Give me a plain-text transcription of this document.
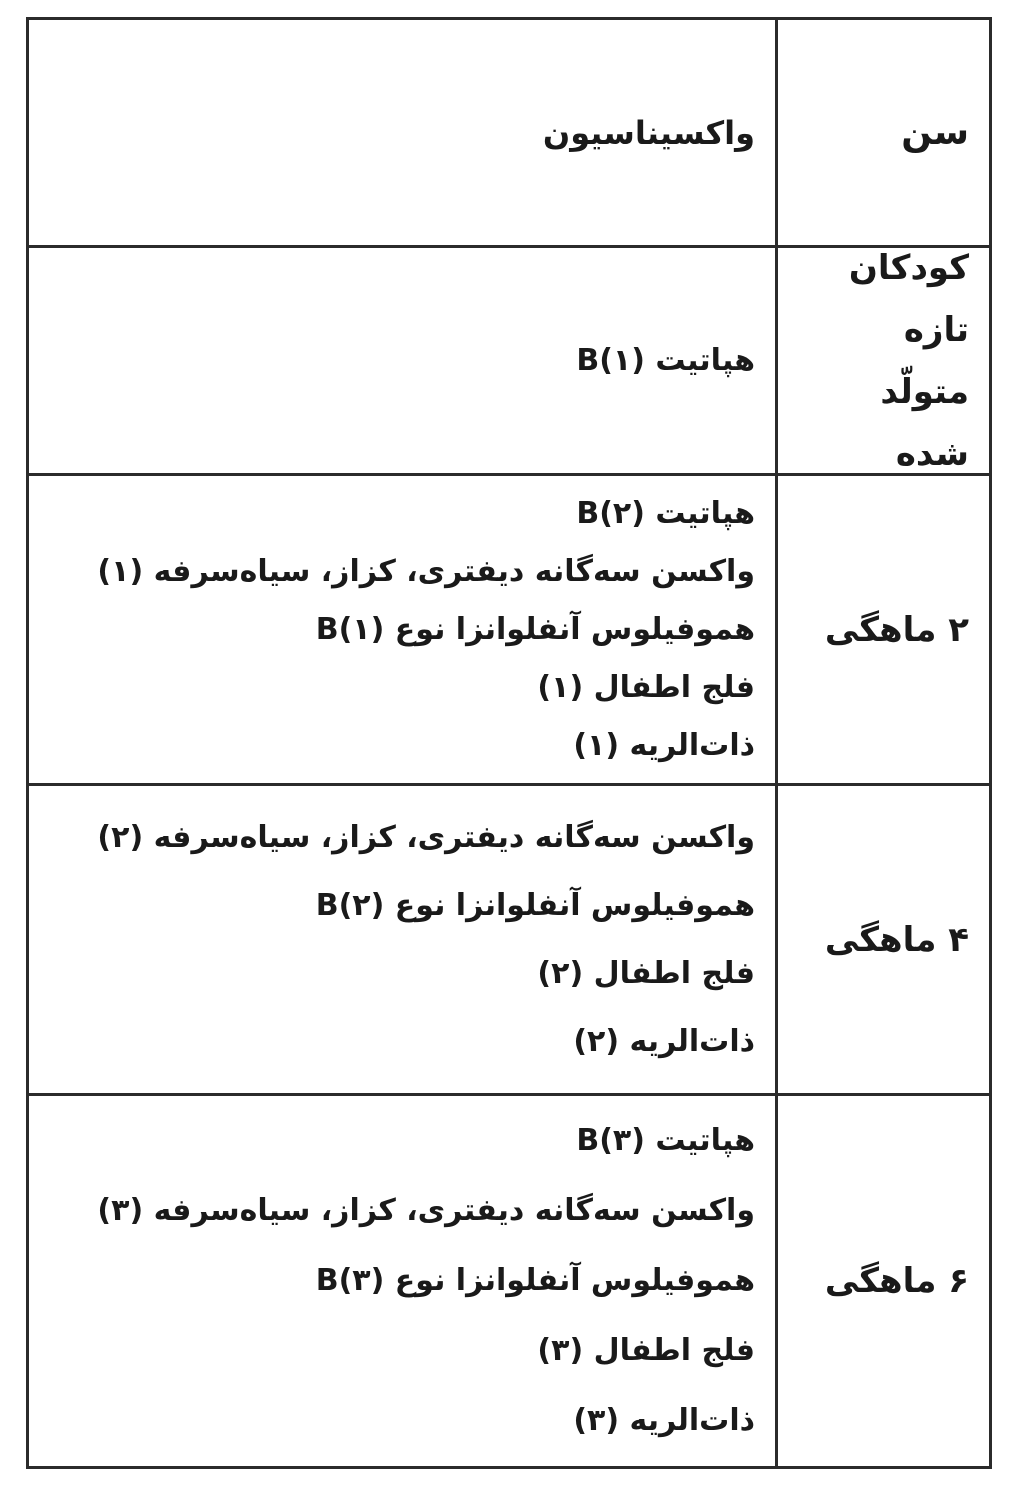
سن
واکسیناسیون
کودکان تازه متولّد شده
هپاتیت B(۱)
۲ ماهگی
هپاتیت B(۲)
واکسن سه‌گانه دیفتری، کزاز، سیاه‌سرفه (۱)
هموفیلوس آنفلوانزا نوع B(۱)
فلج اطفال (۱)
ذات‌الریه (۱)
۴ ماهگی
واکسن سه‌گانه دیفتری، کزاز، سیاه‌سرفه (۲)
هموفیلوس آنفلوانزا نوع B(۲)
فلج اطفال (۲)
ذات‌الریه (۲)
۶ ماهگی
هپاتیت B(۳)
واکسن سه‌گانه دیفتری، کزاز، سیاه‌سرفه (۳)
هموفیلوس آنفلوانزا نوع B(۳)
فلج اطفال (۳)
ذات‌الریه (۳)
